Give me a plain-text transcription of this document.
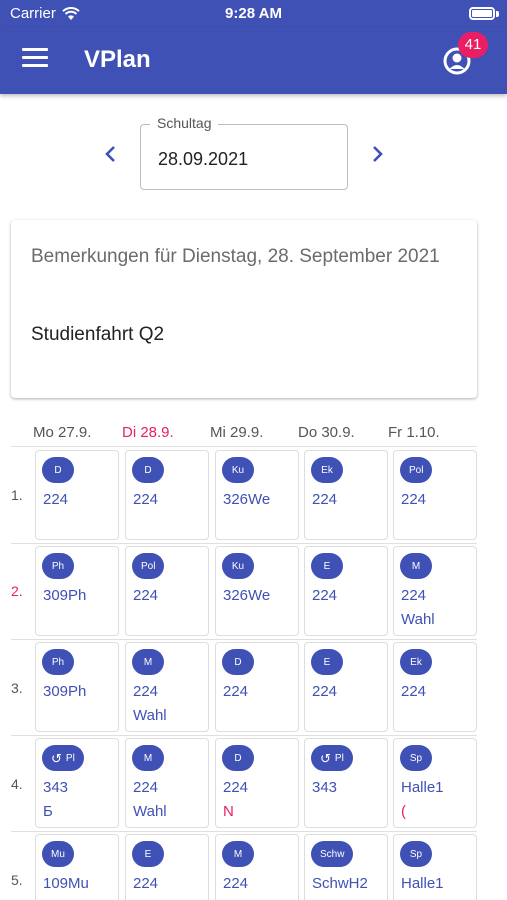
Carrier	9:28 AM
VPlan
41
28.09.2021
Schultag
Bemerkungen für Dienstag, 28. September 2021
Studienfahrt Q2
Mo 27.9. Di 28.9. Mi 29.9. Do 30.9. Fr 1.10.
1.
D
224
D
224
Ku
326We
Ek
224
Pol
224
2.
Ph
309Ph
Pol
224
Ku
326We
E
224
M
224
Wahl
3.
Ph
309Ph
M
224
Wahl
D
224
E
224
Ek
224
4.
↺ Pl
343
Б
M
224
Wahl
D
224
N
↺ Pl
343
Sp
Halle1
(
5.
Mu
109Mu
E
224
M
224
Schw
SchwH2
Sp
Halle1
